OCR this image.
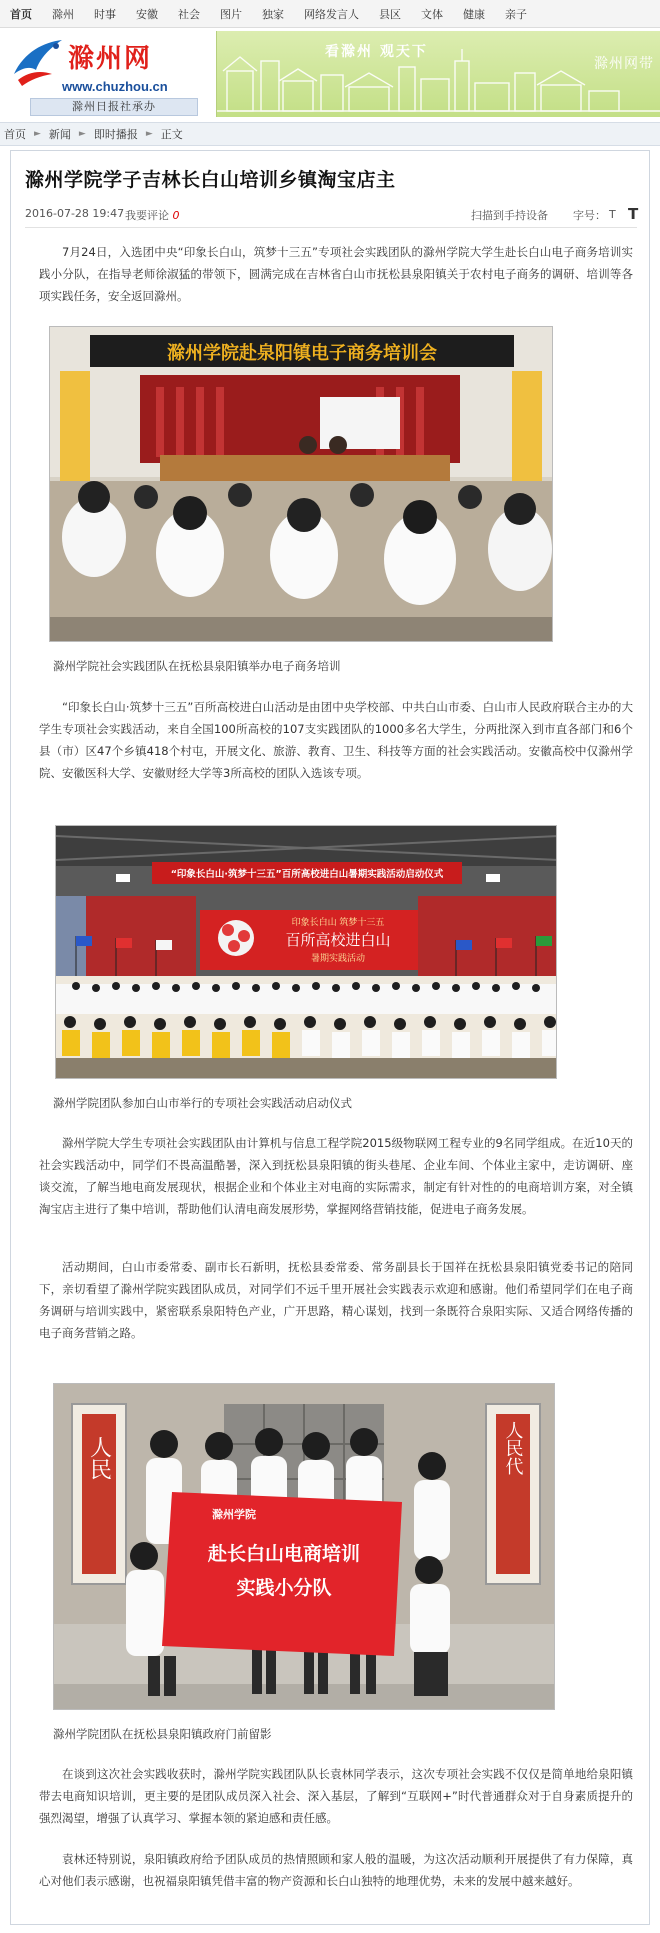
首页	滁州	时事	安徽	社会	图片	独家	网络发言人	县区	文体	健康	亲子
滁州网
www.chuzhou.cn
滁州日报社承办
看滁州 观天下
滁州网带
首页 ► 新闻 ► 即时播报 ► 正文
滁州学院学子吉林长白山培训乡镇淘宝店主
2016-07-28 19:47 我要评论 0	扫描到手持设备 字号： T T

7月24日，入选团中央“印象长白山，筑梦十三五”专项社会实践团队的滁州学院大学生赴长白山电子商务培训实践小分队，在指导老师徐淑猛的带领下，圆满完成在吉林省白山市抚松县泉阳镇关于农村电子商务的调研、培训等各项实践任务，安全返回滁州。

滁州学院赴泉阳镇电子商务培训会
滁州学院社会实践团队在抚松县泉阳镇举办电子商务培训

“印象长白山·筑梦十三五”百所高校进白山活动是由团中央学校部、中共白山市委、白山市人民政府联合主办的大学生专项社会实践活动，来自全国100所高校的107支实践团队的1000多名大学生，分两批深入到市直各部门和6个县（市）区47个乡镇418个村屯，开展文化、旅游、教育、卫生、科技等方面的社会实践活动。安徽高校中仅滁州学院、安徽医科大学、安徽财经大学等3所高校的团队入选该专项。

印象长白山 筑梦十三五
百所高校进白山
暑期实践活动
“印象长白山·筑梦十三五”百所高校进白山暑期实践活动启动仪式
滁州学院团队参加白山市举行的专项社会实践活动启动仪式

滁州学院大学生专项社会实践团队由计算机与信息工程学院2015级物联网工程专业的9名同学组成。在近10天的社会实践活动中，同学们不畏高温酷暑，深入到抚松县泉阳镇的街头巷尾、企业车间、个体业主家中，走访调研、座谈交流，了解当地电商发展现状，根据企业和个体业主对电商的实际需求，制定有针对性的的电商培训方案，对全镇淘宝店主进行了集中培训，帮助他们认清电商发展形势，掌握网络营销技能，促进电子商务发展。

活动期间，白山市委常委、副市长石新明，抚松县委常委、常务副县长于国祥在抚松县泉阳镇党委书记的陪同下，亲切看望了滁州学院实践团队成员，对同学们不远千里开展社会实践表示欢迎和感谢。他们希望同学们在电子商务调研与培训实践中，紧密联系泉阳特色产业，广开思路，精心谋划，找到一条既符合泉阳实际、又适合网络传播的电子商务营销之路。

人民	人民代
滁州学院
赴长白山电商培训
实践小分队
滁州学院团队在抚松县泉阳镇政府门前留影

在谈到这次社会实践收获时，滁州学院实践团队队长袁林同学表示，这次专项社会实践不仅仅是简单地给泉阳镇带去电商知识培训，更主要的是团队成员深入社会、深入基层，了解到“互联网+”时代普通群众对于自身素质提升的强烈渴望，增强了认真学习、掌握本领的紧迫感和责任感。

袁林还特别说，泉阳镇政府给予团队成员的热情照顾和家人般的温暖，为这次活动顺利开展提供了有力保障，真心对他们表示感谢，也祝福泉阳镇凭借丰富的物产资源和长白山独特的地理优势，未来的发展中越来越好。
